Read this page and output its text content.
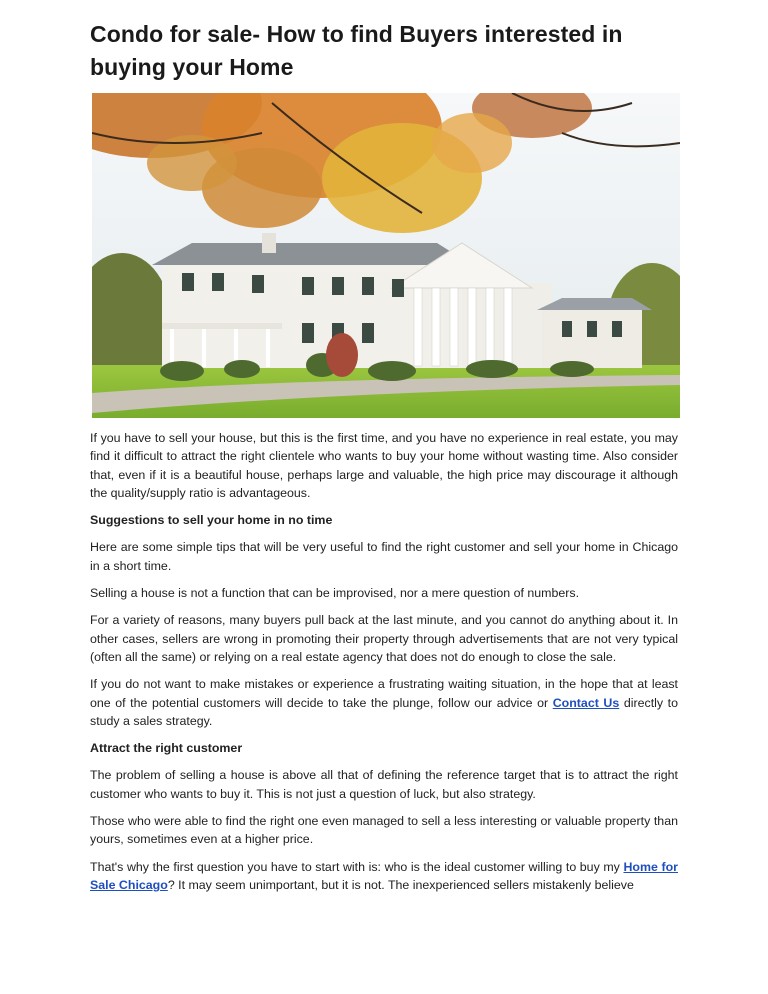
Condo for sale- How to find Buyers interested in buying your Home

If you have to sell your house, but this is the first time, and you have no experience in real estate, you may find it difficult to attract the right clientele who wants to buy your home without wasting time. Also consider that, even if it is a beautiful house, perhaps large and valuable, the high price may discourage it although the quality/supply ratio is advantageous.

Suggestions to sell your home in no time

Here are some simple tips that will be very useful to find the right customer and sell your home in Chicago in a short time.

Selling a house is not a function that can be improvised, nor a mere question of numbers.

For a variety of reasons, many buyers pull back at the last minute, and you cannot do anything about it. In other cases, sellers are wrong in promoting their property through advertisements that are not very typical (often all the same) or relying on a real estate agency that does not do enough to close the sale.

If you do not want to make mistakes or experience a frustrating waiting situation, in the hope that at least one of the potential customers will decide to take the plunge, follow our advice or Contact Us directly to study a sales strategy.

Attract the right customer

The problem of selling a house is above all that of defining the reference target that is to attract the right customer who wants to buy it. This is not just a question of luck, but also strategy.

Those who were able to find the right one even managed to sell a less interesting or valuable property than yours, sometimes even at a higher price.

That's why the first question you have to start with is: who is the ideal customer willing to buy my Home for Sale Chicago? It may seem unimportant, but it is not. The inexperienced sellers mistakenly believe
